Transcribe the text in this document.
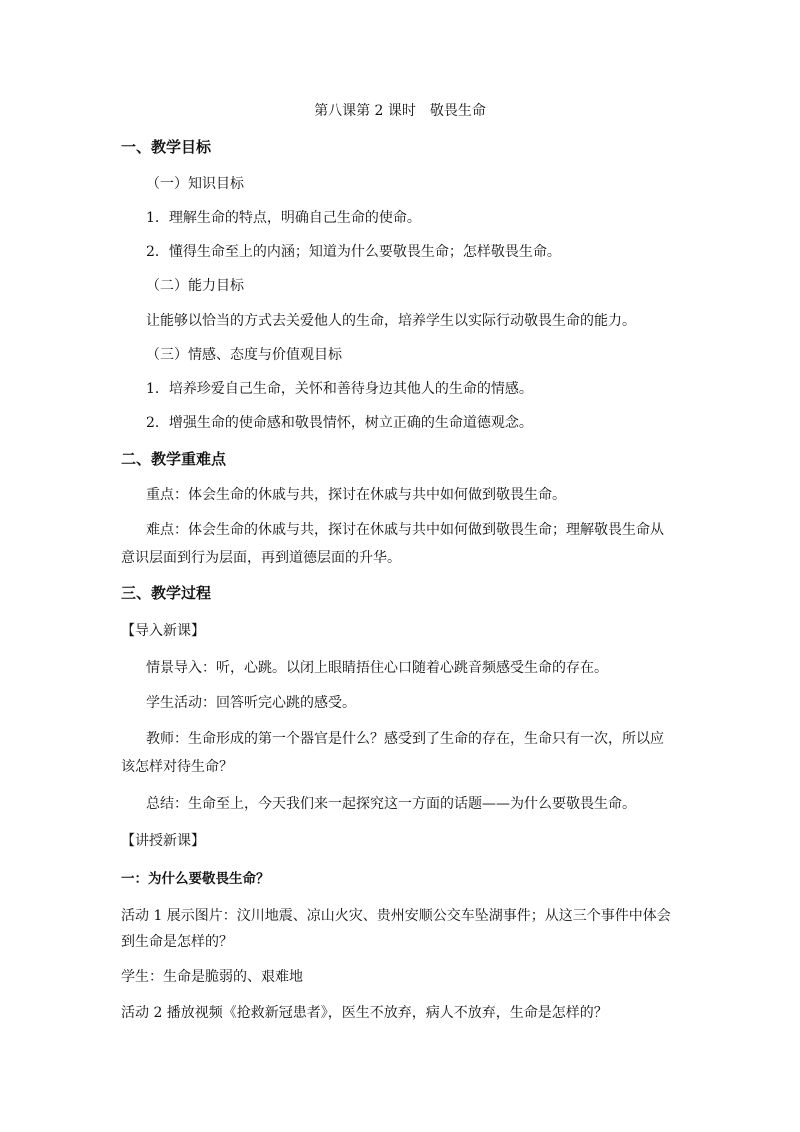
第八课第 2 课时　敬畏生命

一、教学目标

（一）知识目标

1．理解生命的特点，明确自己生命的使命。

2．懂得生命至上的内涵；知道为什么要敬畏生命；怎样敬畏生命。

（二）能力目标

让能够以恰当的方式去关爱他人的生命，培养学生以实际行动敬畏生命的能力。

（三）情感、态度与价值观目标

1．培养珍爱自己生命，关怀和善待身边其他人的生命的情感。

2．增强生命的使命感和敬畏情怀，树立正确的生命道德观念。

二、教学重难点

重点：体会生命的休戚与共，探讨在休戚与共中如何做到敬畏生命。

难点：体会生命的休戚与共，探讨在休戚与共中如何做到敬畏生命；理解敬畏生命从

意识层面到行为层面，再到道德层面的升华。

三、教学过程

【导入新课】

情景导入：听，心跳。以闭上眼睛捂住心口随着心跳音频感受生命的存在。

学生活动：回答听完心跳的感受。

教师：生命形成的第一个器官是什么？感受到了生命的存在，生命只有一次，所以应

该怎样对待生命？

总结：生命至上，今天我们来一起探究这一方面的话题——为什么要敬畏生命。

【讲授新课】

一：为什么要敬畏生命？

活动 1 展示图片：汶川地震、凉山火灾、贵州安顺公交车坠湖事件；从这三个事件中体会

到生命是怎样的？

学生：生命是脆弱的、艰难地

活动 2 播放视频《抢救新冠患者》，医生不放弃，病人不放弃，生命是怎样的？
